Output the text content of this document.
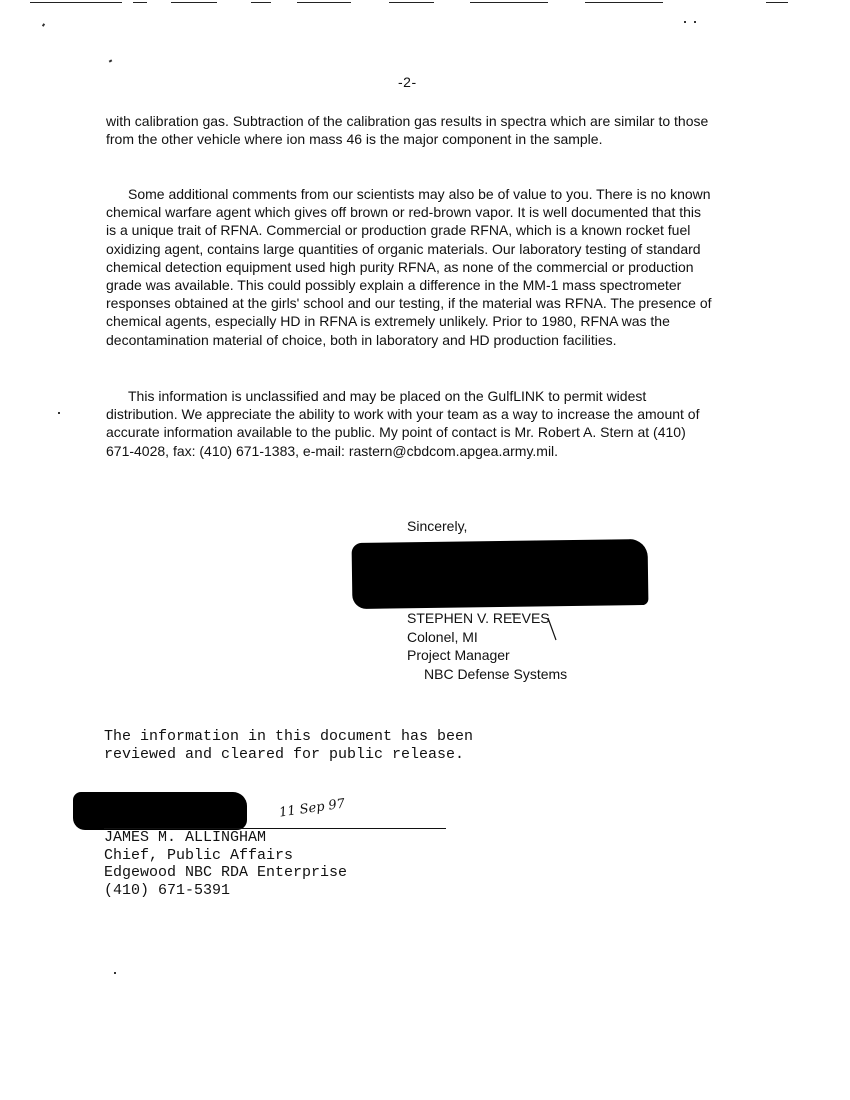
-2-

with calibration gas. Subtraction of the calibration gas results in spectra which are similar to those from the other vehicle where ion mass 46 is the major component in the sample.

Some additional comments from our scientists may also be of value to you. There is no known chemical warfare agent which gives off brown or red-brown vapor. It is well documented that this is a unique trait of RFNA. Commercial or production grade RFNA, which is a known rocket fuel oxidizing agent, contains large quantities of organic materials. Our laboratory testing of standard chemical detection equipment used high purity RFNA, as none of the commercial or production grade was available. This could possibly explain a difference in the MM-1 mass spectrometer responses obtained at the girls' school and our testing, if the material was RFNA. The presence of chemical agents, especially HD in RFNA is extremely unlikely. Prior to 1980, RFNA was the decontamination material of choice, both in laboratory and HD production facilities.

This information is unclassified and may be placed on the GulfLINK to permit widest distribution. We appreciate the ability to work with your team as a way to increase the amount of accurate information available to the public. My point of contact is Mr. Robert A. Stern at (410) 671-4028, fax: (410) 671-1383, e-mail: rastern@cbdcom.apgea.army.mil.

Sincerely,
STEPHEN V. REEVES
Colonel, MI
Project Manager
NBC Defense Systems
The information in this document has been
reviewed and cleared for public release.
11 Sep 97
JAMES M. ALLINGHAM
Chief, Public Affairs
Edgewood NBC RDA Enterprise
(410) 671-5391
